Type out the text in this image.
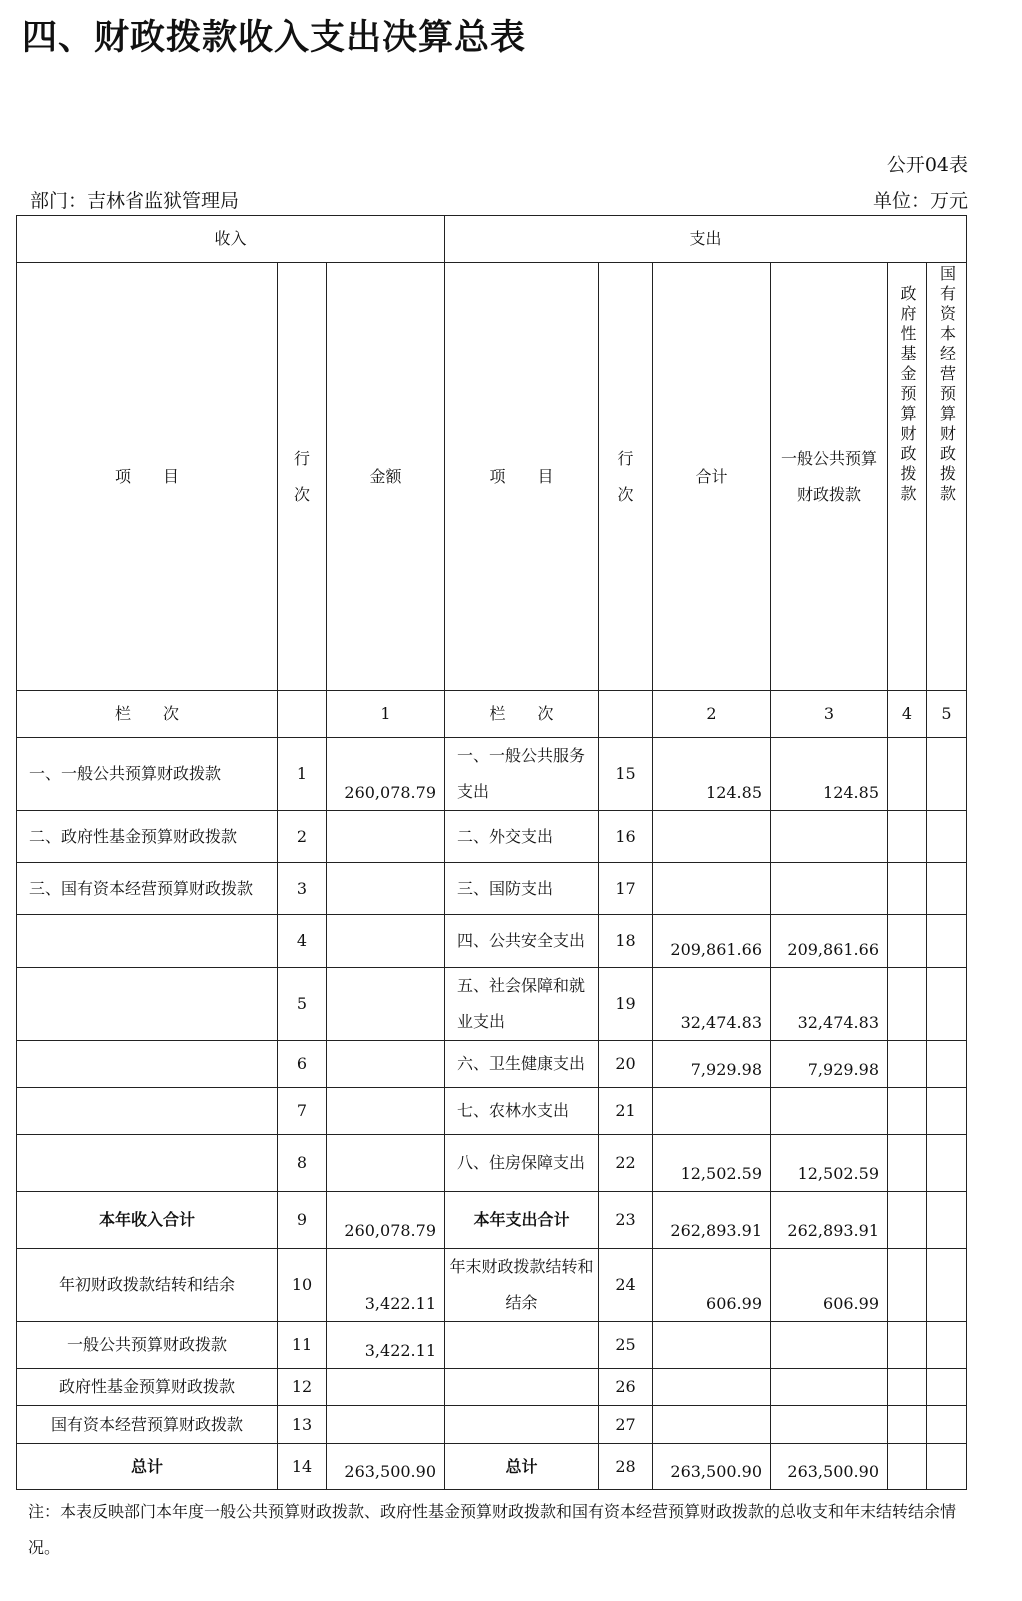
四、财政拨款收入支出决算总表
公开04表
部门：吉林省监狱管理局	单位：万元
收入			支出					
项　　目	行次	金额	项　　目	行次	合计	一般公共预算财政拨款	政府性基金预算财政拨款	国有资本经营预算财政拨款
栏　　次		1	栏　　次		2	3	4	5
一、一般公共预算财政拨款	1	260,078.79	一、一般公共服务支出	15	124.85	124.85		
二、政府性基金预算财政拨款	2		二、外交支出	16				
三、国有资本经营预算财政拨款	3		三、国防支出	17				
	4		四、公共安全支出	18	209,861.66	209,861.66		
	5		五、社会保障和就业支出	19	32,474.83	32,474.83		
	6		六、卫生健康支出	20	7,929.98	7,929.98		
	7		七、农林水支出	21				
	8		八、住房保障支出	22	12,502.59	12,502.59		
本年收入合计	9	260,078.79	本年支出合计	23	262,893.91	262,893.91		
年初财政拨款结转和结余	10	3,422.11	年末财政拨款结转和结余	24	606.99	606.99		
一般公共预算财政拨款	11	3,422.11		25				
政府性基金预算财政拨款	12			26				
国有资本经营预算财政拨款	13			27				
总计	14	263,500.90	总计	28	263,500.90	263,500.90		
注：本表反映部门本年度一般公共预算财政拨款、政府性基金预算财政拨款和国有资本经营预算财政拨款的总收支和年末结转结余情况。
